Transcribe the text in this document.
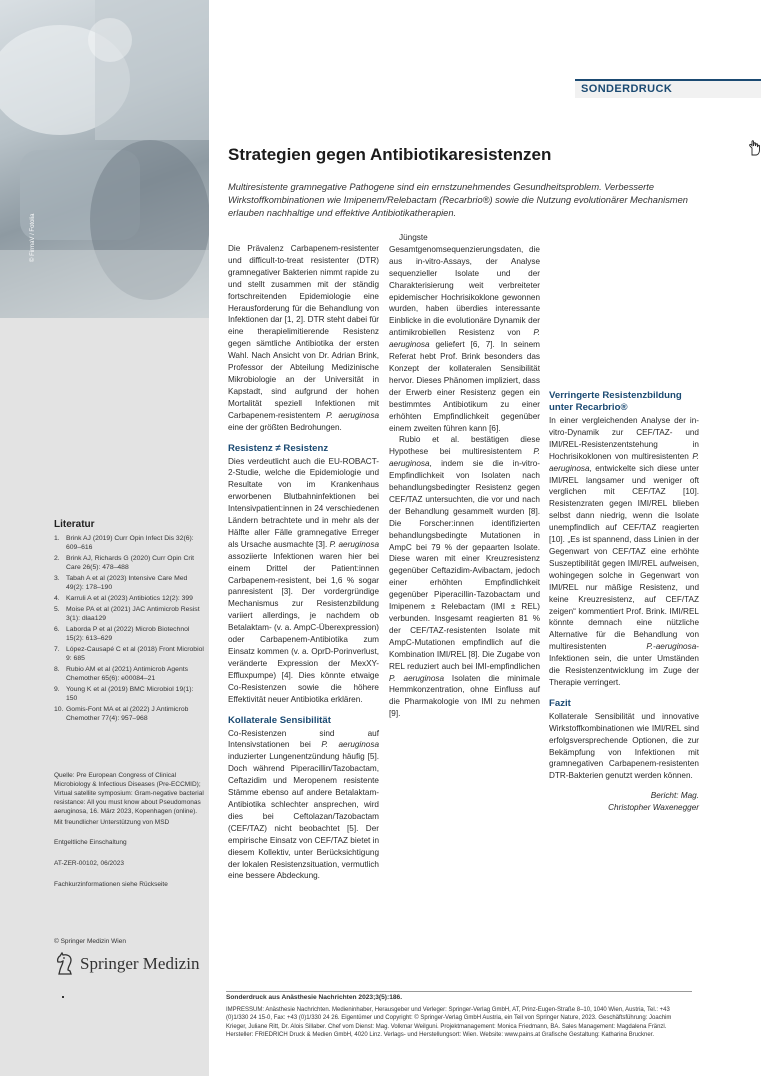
© FirmaV / Fotolia
Literatur
1. Brink AJ (2019) Curr Opin Infect Dis 32(6): 609–616
2. Brink AJ, Richards G (2020) Curr Opin Crit Care 26(5): 478–488
3. Tabah A et al (2023) Intensive Care Med 49(2): 178–190
4. Karruli A et al (2023) Antibiotics 12(2): 399
5. Moise PA et al (2021) JAC Antimicrob Resist 3(1): dlaa129
6. Laborda P et al (2022) Microb Biotechnol 15(2): 613–629
7. López-Causapé C et al (2018) Front Microbiol 9: 685
8. Rubio AM et al (2021) Antimicrob Agents Chemother 65(6): e00084–21
9. Young K et al (2019) BMC Microbiol 19(1): 150
10. Gomis-Font MA et al (2022) J Antimicrob Chemother 77(4): 957–968
Quelle: Pre European Congress of Clinical Microbiology & Infectious Diseases (Pre-ECCMID); Virtual satellite symposium: Gram-negative bacterial resistance: All you must know about Pseudomonas aeruginosa, 16. März 2023, Kopenhagen (online).
Mit freundlicher Unterstützung von MSD
Entgeltliche Einschaltung
AT-ZER-00102, 06/2023
Fachkurzinformationen siehe Rückseite
© Springer Medizin Wien
Springer Medizin
SONDERDRUCK
Strategien gegen Antibiotikaresistenzen

Multiresistente gramnegative Pathogene sind ein ernstzunehmendes Gesundheitsproblem. Verbesserte Wirkstoffkombinationen wie Imipenem/Relebactam (Recarbrio®) sowie die Nutzung evolutionärer Mechanismen erlauben nachhaltige und effektive Antibiotikatherapien.

Die Prävalenz Carbapenem-resistenter und difficult-to-treat resistenter (DTR) gramnegativer Bakterien nimmt rapide zu und stellt zusammen mit der ständig fortschreitenden Epidemiologie eine Herausforderung für die Behandlung von Infektionen dar [1, 2]. DTR steht dabei für eine therapielimitierende Resistenz gegen sämtliche Antibiotika der ersten Wahl. Nach Ansicht von Dr. Adrian Brink, Professor der Abteilung Medizinische Mikrobiologie an der Universität in Kapstadt, sind aufgrund der hohen Mortalität speziell Infektionen mit Carbapenem-resistentem P. aeruginosa eine der größten Bedrohungen.

Resistenz ≠ Resistenz

Dies verdeutlicht auch die EU-ROBACT-2-Studie, welche die Epidemiologie und Resultate von im Krankenhaus erworbenen Blutbahninfektionen bei Intensivpatient:innen in 24 verschiedenen Ländern betrachtete und in mehr als der Hälfte aller Fälle gramnegative Erreger als Ursache ausmachte [3]. P. aeruginosa assoziierte Infektionen waren hier bei einem Drittel der Patient:innen Carbapenem-resistent, bei 1,6 % sogar panresistent [3]. Der vordergründige Mechanismus zur Resistenzbildung variiert allerdings, je nachdem ob Betalaktam- (v. a. AmpC-Überexpression) oder Carbapenem-Antibiotika zum Einsatz kommen (v. a. OprD-Porinverlust, veränderte Expression der MexXY-Effluxpumpe) [4]. Dies könnte etwaige Co-Resistenzen sowie die höhere Effektivität neuer Antibiotika erklären.

Kollaterale Sensibilität

Co-Resistenzen sind auf Intensivstationen bei P. aeruginosa induzierter Lungenentzündung häufig [5]. Doch während Piperacillin/Tazobactam, Ceftazidim und Meropenem resistente Stämme ebenso auf andere Betalaktam-Antibiotika schlechter ansprechen, wird dies bei Ceftolazan/Tazobactam (CEF/TAZ) nicht beobachtet [5]. Der empirische Einsatz von CEF/TAZ bietet in diesem Kollektiv, unter Berücksichtigung der lokalen Resistenzsituation, vermutlich eine bessere Abdeckung.

Jüngste Gesamtgenomsequenzierungsdaten, die aus in-vitro-Assays, der Analyse sequenzieller Isolate und der Charakterisierung weit verbreiteter epidemischer Hochrisikoklone gewonnen wurden, haben überdies interessante Einblicke in die evolutionäre Dynamik der antimikrobiellen Resistenz von P. aeruginosa geliefert [6, 7]. In seinem Referat hebt Prof. Brink besonders das Konzept der kollateralen Sensibilität hervor. Dieses Phänomen impliziert, dass der Erwerb einer Resistenz gegen ein bestimmtes Antibiotikum zu einer erhöhten Empfindlichkeit gegenüber einem zweiten führen kann [6].

Rubio et al. bestätigen diese Hypothese bei multiresistentem P. aeruginosa, indem sie die in-vitro-Empfindlichkeit von Isolaten nach behandlungsbedingter Resistenz gegen CEF/TAZ untersuchten, die vor und nach der Behandlung gesammelt wurden [8]. Die Forscher:innen identifizierten behandlungsbedingte Mutationen in AmpC bei 79 % der gepaarten Isolate. Diese waren mit einer Kreuzresistenz gegenüber Ceftazidim-Avibactam, jedoch einer erhöhten Empfindlichkeit gegenüber Piperacillin-Tazobactam und Imipenem ± Relebactam (IMI ± REL) verbunden. Insgesamt reagierten 81 % der CEF/TAZ-resistenten Isolate mit AmpC-Mutationen empfindlich auf die Kombination IMI/REL [8]. Die Zugabe von REL reduziert auch bei IMI-empfindlichen P. aeruginosa Isolaten die minimale Hemmkonzentration, ohne Einfluss auf die Pharmakologie von IMI zu nehmen [9].

Verringerte Resistenzbildung unter Recarbrio®

In einer vergleichenden Analyse der in-vitro-Dynamik zur CEF/TAZ- und IMI/REL-Resistenzentstehung in Hochrisikoklonen von multiresistenten P. aeruginosa, entwickelte sich diese unter IMI/REL langsamer und weniger oft verglichen mit CEF/TAZ [10]. Resistenzraten gegen IMI/REL blieben selbst dann niedrig, wenn die Isolate unempfindlich auf CEF/TAZ reagierten [10]. „Es ist spannend, dass Linien in der Gegenwart von CEF/TAZ eine erhöhte Suszeptibilität gegen IMI/REL aufweisen, wohingegen solche in Gegenwart von IMI/REL nur mäßige Resistenz, und keine Kreuzresistenz, auf CEF/TAZ zeigen“ kommentiert Prof. Brink. IMI/REL könnte demnach eine nützliche Alternative für die Behandlung von multiresistenten P.-aeruginosa-Infektionen sein, die unter Umständen die Resistenzentwicklung im Zuge der Therapie verringert.

Fazit

Kollaterale Sensibilität und innovative Wirkstoffkombinationen wie IMI/REL sind erfolgsversprechende Optionen, die zur Bekämpfung von Infektionen mit gramnegativen Carbapenem-resistenten DTR-Bakterien genutzt werden können.

Bericht: Mag.
Christopher Waxenegger
Sonderdruck aus Anästhesie Nachrichten 2023;3(5):186.
IMPRESSUM: Anästhesie Nachrichten. Medieninhaber, Herausgeber und Verleger: Springer-Verlag GmbH, AT, Prinz-Eugen-Straße 8–10, 1040 Wien, Austria, Tel.: +43 (0)1/330 24 15-0, Fax: +43 (0)1/330 24 26. Eigentümer und Copyright: © Springer-Verlag GmbH Austria, ein Teil von Springer Nature, 2023. Geschäftsführung: Joachim Krieger, Juliane Ritt, Dr. Alois Sillaber. Chef vom Dienst: Mag. Volkmar Weilguni. Projektmanagement: Monica Friedmann, BA. Sales Management: Magdalena Fränzl. Hersteller: FRIEDRICH Druck & Medien GmbH, 4020 Linz. Verlags- und Herstellungsort: Wien. Website: www.pains.at Grafische Gestaltung: Katharina Bruckner.
